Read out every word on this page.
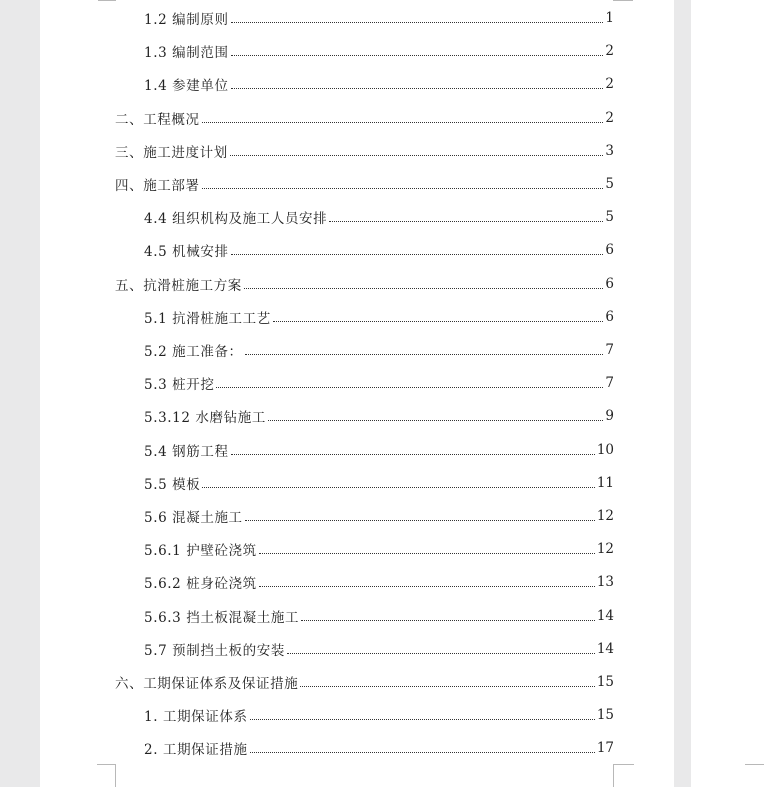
1.2 编制原则	1
1.3 编制范围	2
1.4 参建单位	2
二、工程概况	2
三、施工进度计划	3
四、施工部署	5
4.4 组织机构及施工人员安排	5
4.5 机械安排	6
五、抗滑桩施工方案	6
5.1 抗滑桩施工工艺	6
5.2 施工准备：	7
5.3 桩开挖	7
5.3.12 水磨钻施工	9
5.4 钢筋工程	10
5.5 模板	11
5.6 混凝土施工	12
5.6.1 护壁砼浇筑	12
5.6.2 桩身砼浇筑	13
5.6.3 挡土板混凝土施工	14
5.7 预制挡土板的安装	14
六、工期保证体系及保证措施	15
1. 工期保证体系	15
2. 工期保证措施	17
